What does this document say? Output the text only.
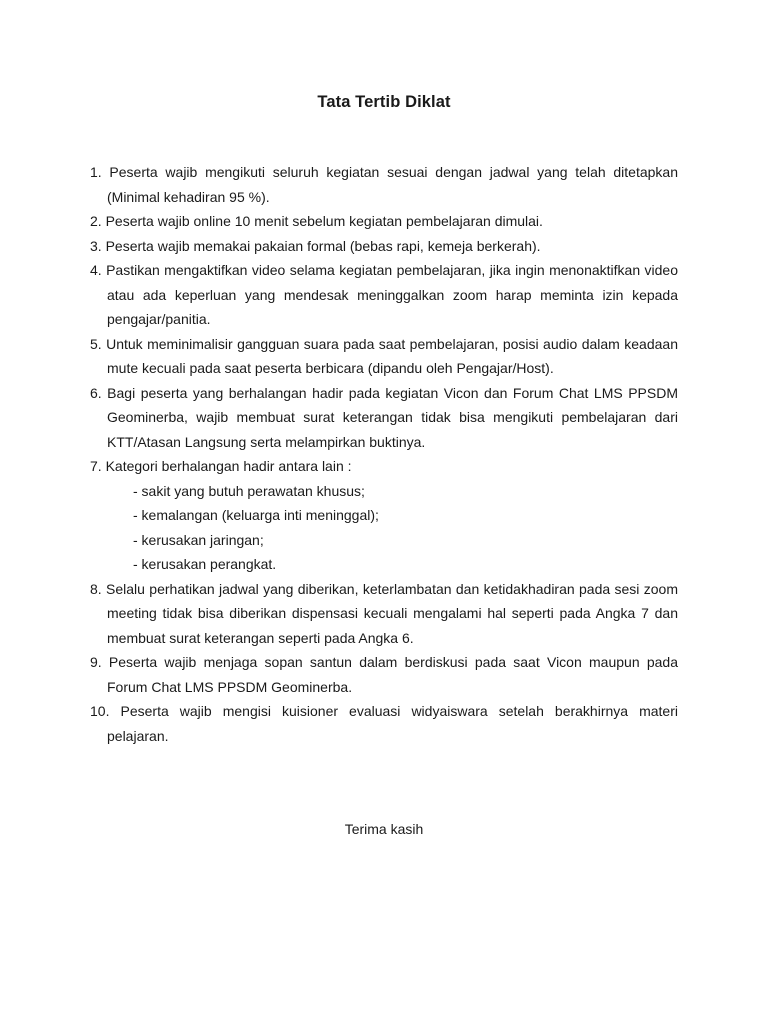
Tata Tertib Diklat
1. Peserta wajib mengikuti seluruh kegiatan sesuai dengan jadwal yang telah ditetapkan (Minimal kehadiran 95 %).
2. Peserta wajib online 10 menit sebelum kegiatan pembelajaran dimulai.
3. Peserta wajib memakai pakaian formal (bebas rapi, kemeja berkerah).
4. Pastikan mengaktifkan video selama kegiatan pembelajaran, jika ingin menonaktifkan video atau ada keperluan yang mendesak meninggalkan zoom harap meminta izin kepada pengajar/panitia.
5. Untuk meminimalisir gangguan suara pada saat pembelajaran, posisi audio dalam keadaan mute kecuali pada saat peserta berbicara (dipandu oleh Pengajar/Host).
6. Bagi peserta yang berhalangan hadir pada kegiatan Vicon dan Forum Chat LMS PPSDM Geominerba, wajib membuat surat keterangan tidak bisa mengikuti pembelajaran dari KTT/Atasan Langsung serta melampirkan buktinya.
7. Kategori berhalangan hadir antara lain :
- sakit yang butuh perawatan khusus;
- kemalangan (keluarga inti meninggal);
- kerusakan jaringan;
- kerusakan perangkat.
8. Selalu perhatikan jadwal yang diberikan, keterlambatan dan ketidakhadiran pada sesi zoom meeting tidak bisa diberikan dispensasi kecuali mengalami hal seperti pada Angka 7 dan membuat surat keterangan seperti pada Angka 6.
9. Peserta wajib menjaga sopan santun dalam berdiskusi pada saat Vicon maupun pada Forum Chat LMS PPSDM Geominerba.
10. Peserta wajib mengisi kuisioner evaluasi widyaiswara setelah berakhirnya materi pelajaran.
Terima kasih
